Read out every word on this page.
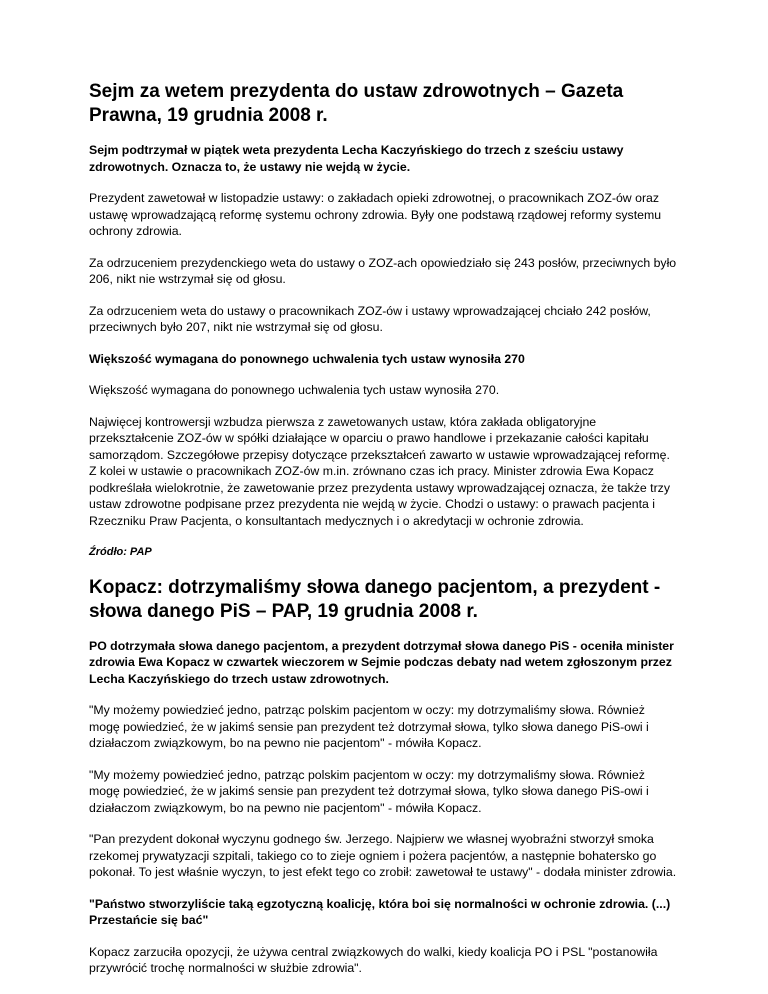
Sejm za wetem prezydenta do ustaw zdrowotnych – Gazeta Prawna, 19 grudnia 2008 r.

Sejm podtrzymał w piątek weta prezydenta Lecha Kaczyńskiego do trzech z sześciu ustawy zdrowotnych. Oznacza to, że ustawy nie wejdą w życie.

Prezydent zawetował w listopadzie ustawy: o zakładach opieki zdrowotnej, o pracownikach ZOZ-ów oraz ustawę wprowadzającą reformę systemu ochrony zdrowia. Były one podstawą rządowej reformy systemu ochrony zdrowia.

Za odrzuceniem prezydenckiego weta do ustawy o ZOZ-ach opowiedziało się 243 posłów, przeciwnych było 206, nikt nie wstrzymał się od głosu.

Za odrzuceniem weta do ustawy o pracownikach ZOZ-ów i ustawy wprowadzającej chciało 242 posłów, przeciwnych było 207, nikt nie wstrzymał się od głosu.

Większość wymagana do ponownego uchwalenia tych ustaw wynosiła 270

Większość wymagana do ponownego uchwalenia tych ustaw wynosiła 270.

Najwięcej kontrowersji wzbudza pierwsza z zawetowanych ustaw, która zakłada obligatoryjne przekształcenie ZOZ-ów w spółki działające w oparciu o prawo handlowe i przekazanie całości kapitału samorządom. Szczegółowe przepisy dotyczące przekształceń zawarto w ustawie wprowadzającej reformę. Z kolei w ustawie o pracownikach ZOZ-ów m.in. zrównano czas ich pracy. Minister zdrowia Ewa Kopacz podkreślała wielokrotnie, że zawetowanie przez prezydenta ustawy wprowadzającej oznacza, że także trzy ustaw zdrowotne podpisane przez prezydenta nie wejdą w życie. Chodzi o ustawy: o prawach pacjenta i Rzeczniku Praw Pacjenta, o konsultantach medycznych i o akredytacji w ochronie zdrowia.

Źródło: PAP

Kopacz: dotrzymaliśmy słowa danego pacjentom, a prezydent - słowa danego PiS – PAP, 19 grudnia 2008 r.

PO dotrzymała słowa danego pacjentom, a prezydent dotrzymał słowa danego PiS - oceniła minister zdrowia Ewa Kopacz w czwartek wieczorem w Sejmie podczas debaty nad wetem zgłoszonym przez Lecha Kaczyńskiego do trzech ustaw zdrowotnych.

"My możemy powiedzieć jedno, patrząc polskim pacjentom w oczy: my dotrzymaliśmy słowa. Również mogę powiedzieć, że w jakimś sensie pan prezydent też dotrzymał słowa, tylko słowa danego PiS-owi i działaczom związkowym, bo na pewno nie pacjentom" - mówiła Kopacz.

"My możemy powiedzieć jedno, patrząc polskim pacjentom w oczy: my dotrzymaliśmy słowa. Również mogę powiedzieć, że w jakimś sensie pan prezydent też dotrzymał słowa, tylko słowa danego PiS-owi i działaczom związkowym, bo na pewno nie pacjentom" - mówiła Kopacz.

"Pan prezydent dokonał wyczynu godnego św. Jerzego. Najpierw we własnej wyobraźni stworzył smoka rzekomej prywatyzacji szpitali, takiego co to zieje ogniem i pożera pacjentów, a następnie bohatersko go pokonał. To jest właśnie wyczyn, to jest efekt tego co zrobił: zawetował te ustawy" - dodała minister zdrowia.

"Państwo stworzyliście taką egzotyczną koalicję, która boi się normalności w ochronie zdrowia. (...) Przestańcie się bać"

Kopacz zarzuciła opozycji, że używa central związkowych do walki, kiedy koalicja PO i PSL "postanowiła przywrócić trochę normalności w służbie zdrowia".
